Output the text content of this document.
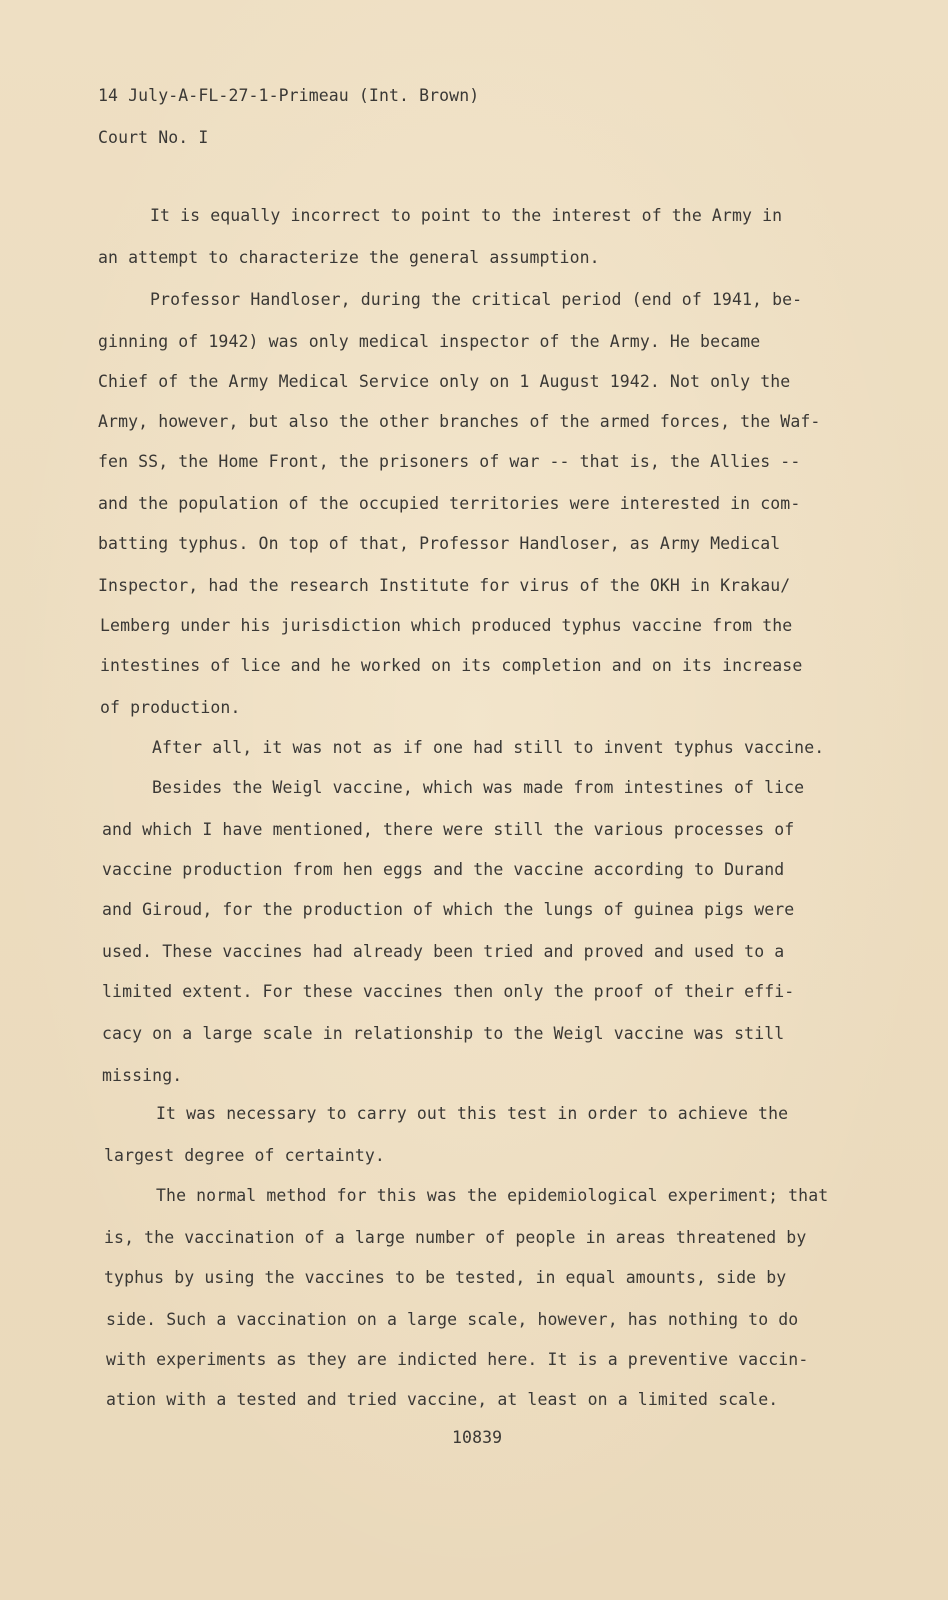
14 July-A-FL-27-1-Primeau (Int. Brown)
Court No. I
It is equally incorrect to point to the interest of the Army in
an attempt to characterize the general assumption.
Professor Handloser, during the critical period (end of 1941, be-
ginning of 1942) was only medical inspector of the Army. He became
Chief of the Army Medical Service only on 1 August 1942. Not only the
Army, however, but also the other branches of the armed forces, the Waf-
fen SS, the Home Front, the prisoners of war -- that is, the Allies --
and the population of the occupied territories were interested in com-
batting typhus. On top of that, Professor Handloser, as Army Medical
Inspector, had the research Institute for virus of the OKH in Krakau/
Lemberg under his jurisdiction which produced typhus vaccine from the
intestines of lice and he worked on its completion and on its increase
of production.
After all, it was not as if one had still to invent typhus vaccine.
Besides the Weigl vaccine, which was made from intestines of lice
and which I have mentioned, there were still the various processes of
vaccine production from hen eggs and the vaccine according to Durand
and Giroud, for the production of which the lungs of guinea pigs were
used. These vaccines had already been tried and proved and used to a
limited extent. For these vaccines then only the proof of their effi-
cacy on a large scale in relationship to the Weigl vaccine was still
missing.
It was necessary to carry out this test in order to achieve the
largest degree of certainty.
The normal method for this was the epidemiological experiment; that
is, the vaccination of a large number of people in areas threatened by
typhus by using the vaccines to be tested, in equal amounts, side by
side. Such a vaccination on a large scale, however, has nothing to do
with experiments as they are indicted here. It is a preventive vaccin-
ation with a tested and tried vaccine, at least on a limited scale.
10839
